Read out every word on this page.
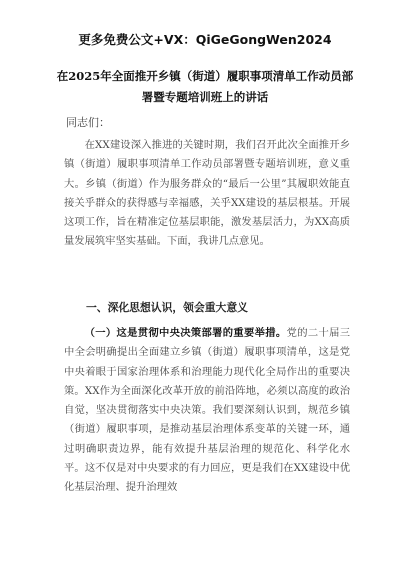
更多免费公文+VX：QiGeGongWen2024
在2025年全面推开乡镇（街道）履职事项清单工作动员部署暨专题培训班上的讲话
同志们：

在XX建设深入推进的关键时期，我们召开此次全面推开乡镇（街道）履职事项清单工作动员部署暨专题培训班，意义重大。乡镇（街道）作为服务群众的“最后一公里”其履职效能直接关乎群众的获得感与幸福感，关乎XX建设的基层根基。开展这项工作，旨在精准定位基层职能，激发基层活力，为XX高质量发展筑牢坚实基础。下面，我讲几点意见。

一、深化思想认识，领会重大意义

（一）这是贯彻中央决策部署的重要举措。党的二十届三中全会明确提出全面建立乡镇（街道）履职事项清单，这是党中央着眼于国家治理体系和治理能力现代化全局作出的重要决策。XX作为全面深化改革开放的前沿阵地，必须以高度的政治自觉，坚决贯彻落实中央决策。我们要深刻认识到，规范乡镇（街道）履职事项，是推动基层治理体系变革的关键一环，通过明确职责边界，能有效提升基层治理的规范化、科学化水平。这不仅是对中央要求的有力回应，更是我们在XX建设中优化基层治理、提升治理效
